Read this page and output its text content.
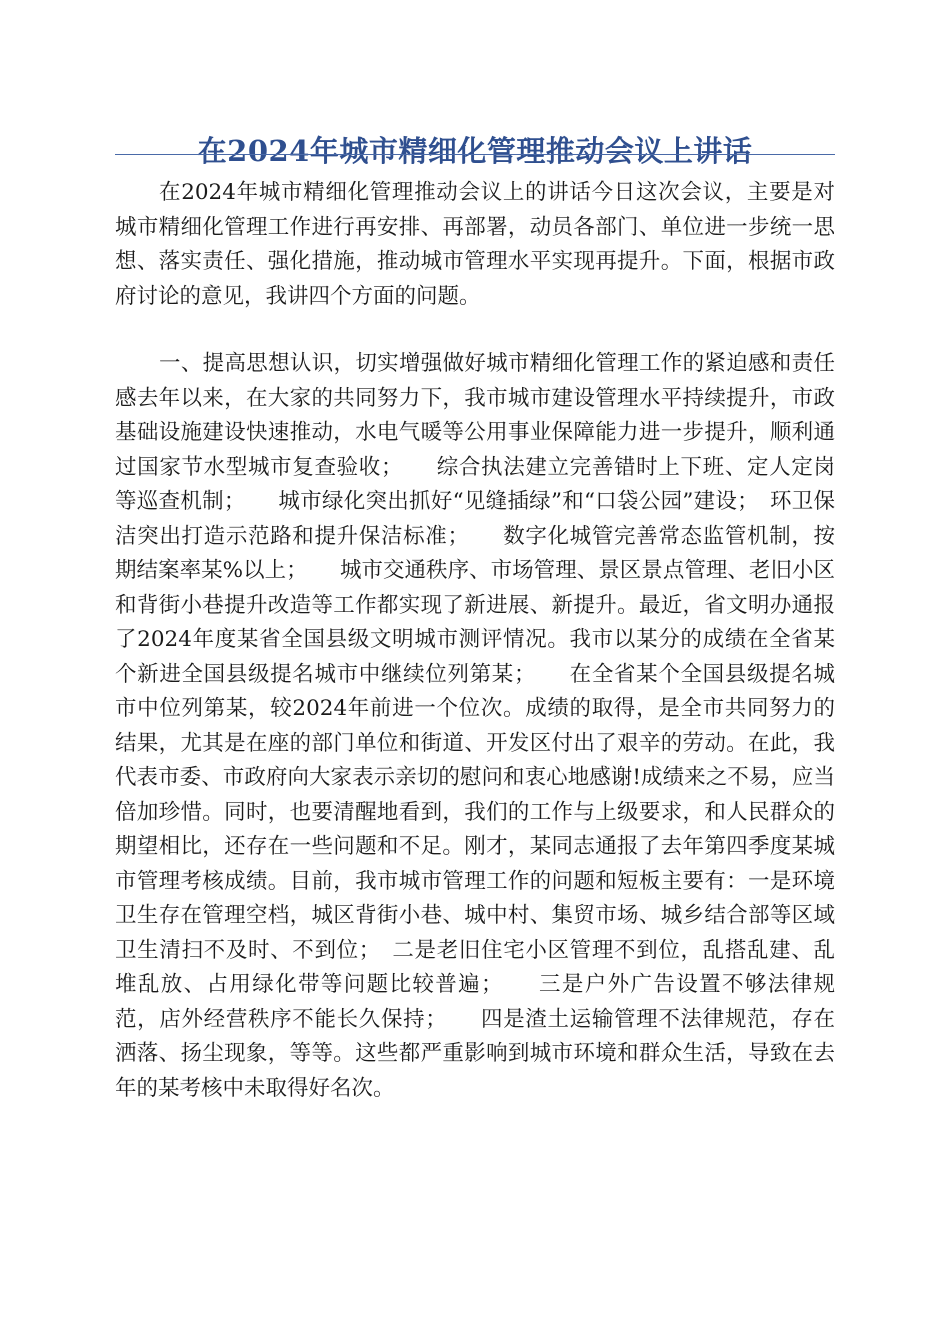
在2024年城市精细化管理推动会议上讲话

在2024年城市精细化管理推动会议上的讲话今日这次会议，主要是对城市精细化管理工作进行再安排、再部署，动员各部门、单位进一步统一思想、落实责任、强化措施，推动城市管理水平实现再提升。下面，根据市政府讨论的意见，我讲四个方面的问题。

一、提高思想认识，切实增强做好城市精细化管理工作的紧迫感和责任感去年以来，在大家的共同努力下，我市城市建设管理水平持续提升，市政基础设施建设快速推动，水电气暖等公用事业保障能力进一步提升，顺利通过国家节水型城市复查验收；　　综合执法建立完善错时上下班、定人定岗等巡查机制；　　城市绿化突出抓好“见缝插绿”和“口袋公园”建设；　环卫保洁突出打造示范路和提升保洁标准；　　数字化城管完善常态监管机制，按期结案率某%以上；　　城市交通秩序、市场管理、景区景点管理、老旧小区和背街小巷提升改造等工作都实现了新进展、新提升。最近，省文明办通报了2024年度某省全国县级文明城市测评情况。我市以某分的成绩在全省某个新进全国县级提名城市中继续位列第某；　　在全省某个全国县级提名城市中位列第某，较2024年前进一个位次。成绩的取得，是全市共同努力的结果，尤其是在座的部门单位和街道、开发区付出了艰辛的劳动。在此，我代表市委、市政府向大家表示亲切的慰问和衷心地感谢!成绩来之不易，应当倍加珍惜。同时，也要清醒地看到，我们的工作与上级要求，和人民群众的期望相比，还存在一些问题和不足。刚才，某同志通报了去年第四季度某城市管理考核成绩。目前，我市城市管理工作的问题和短板主要有：一是环境卫生存在管理空档，城区背街小巷、城中村、集贸市场、城乡结合部等区域卫生清扫不及时、不到位；　二是老旧住宅小区管理不到位，乱搭乱建、乱堆乱放、占用绿化带等问题比较普遍；　　三是户外广告设置不够法律规范，店外经营秩序不能长久保持；　　四是渣土运输管理不法律规范，存在洒落、扬尘现象，等等。这些都严重影响到城市环境和群众生活，导致在去年的某考核中未取得好名次。
